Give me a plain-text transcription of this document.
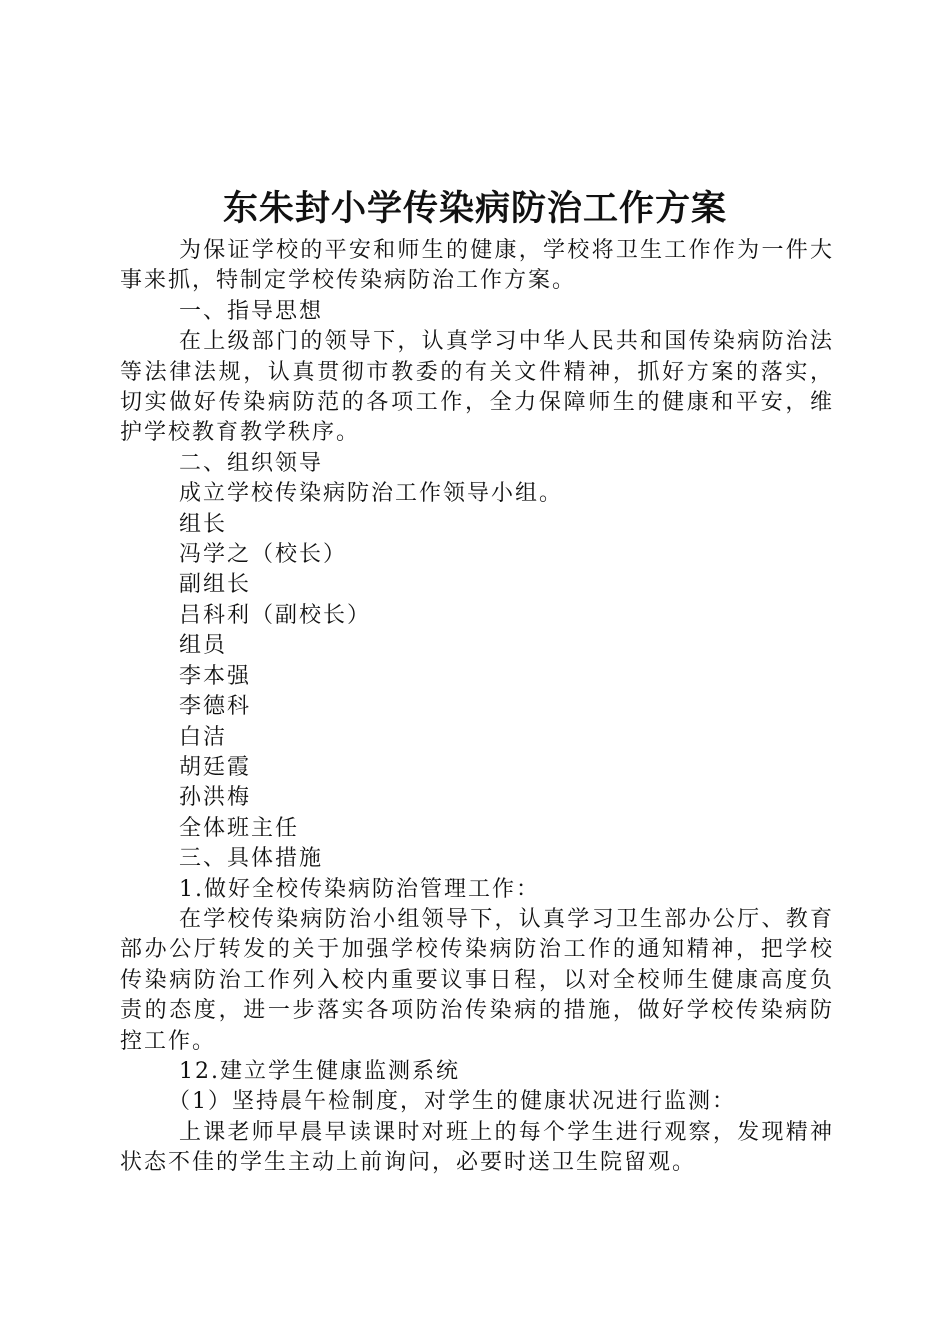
东朱封小学传染病防治工作方案

为保证学校的平安和师生的健康，学校将卫生工作作为一件大事来抓，特制定学校传染病防治工作方案。

一、指导思想

在上级部门的领导下，认真学习中华人民共和国传染病防治法等法律法规，认真贯彻市教委的有关文件精神，抓好方案的落实，切实做好传染病防范的各项工作，全力保障师生的健康和平安，维护学校教育教学秩序。

二、组织领导

成立学校传染病防治工作领导小组。

组长

冯学之（校长）

副组长

吕科利（副校长）

组员

李本强

李德科

白洁

胡廷霞

孙洪梅

全体班主任

三、具体措施

1.做好全校传染病防治管理工作：

在学校传染病防治小组领导下，认真学习卫生部办公厅、教育部办公厅转发的关于加强学校传染病防治工作的通知精神，把学校传染病防治工作列入校内重要议事日程，以对全校师生健康高度负责的态度，进一步落实各项防治传染病的措施，做好学校传染病防控工作。

12.建立学生健康监测系统

（1）坚持晨午检制度，对学生的健康状况进行监测：

上课老师早晨早读课时对班上的每个学生进行观察，发现精神状态不佳的学生主动上前询问，必要时送卫生院留观。
